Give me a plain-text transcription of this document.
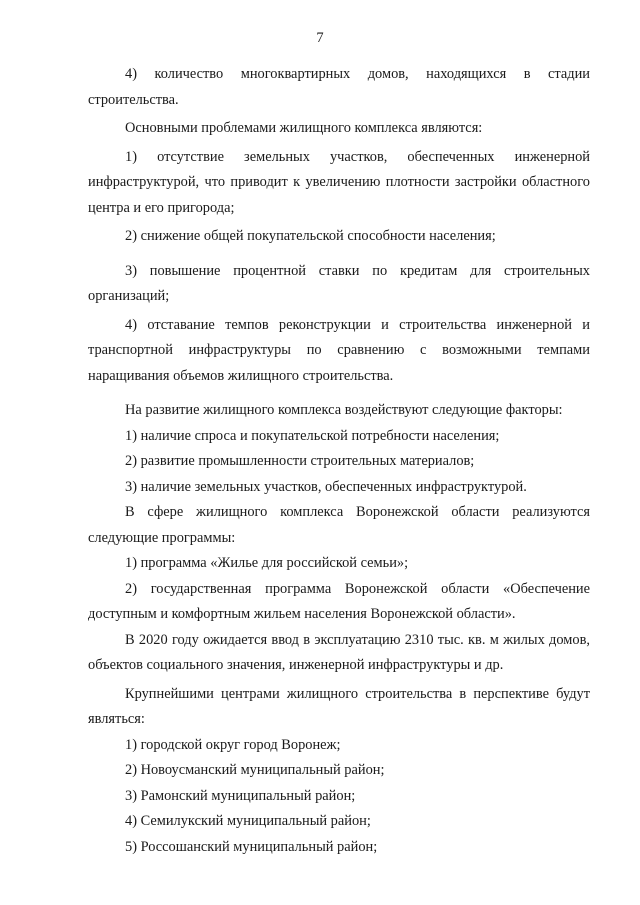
7

4) количество многоквартирных домов, находящихся в стадии строительства.

Основными проблемами жилищного комплекса являются:

1) отсутствие земельных участков, обеспеченных инженерной инфраструктурой, что приводит к увеличению плотности застройки областного центра и его пригорода;

2) снижение общей покупательской способности населения;

3) повышение процентной ставки по кредитам для строительных организаций;

4) отставание темпов реконструкции и строительства инженерной и транспортной инфраструктуры по сравнению с возможными темпами наращивания объемов жилищного строительства.

На развитие жилищного комплекса воздействуют следующие факторы:

1) наличие спроса и покупательской потребности населения;

2) развитие промышленности строительных материалов;

3) наличие земельных участков, обеспеченных инфраструктурой.

В сфере жилищного комплекса Воронежской области реализуются следующие программы:

1) программа «Жилье для российской семьи»;

2) государственная программа Воронежской области «Обеспечение доступным и комфортным жильем населения Воронежской области».

В 2020 году ожидается ввод в эксплуатацию 2310 тыс. кв. м жилых домов, объектов социального значения, инженерной инфраструктуры и др.

Крупнейшими центрами жилищного строительства в перспективе будут являться:

1) городской округ город Воронеж;

2) Новоусманский муниципальный район;

3) Рамонский муниципальный район;

4) Семилукский муниципальный район;

5) Россошанский муниципальный район;
